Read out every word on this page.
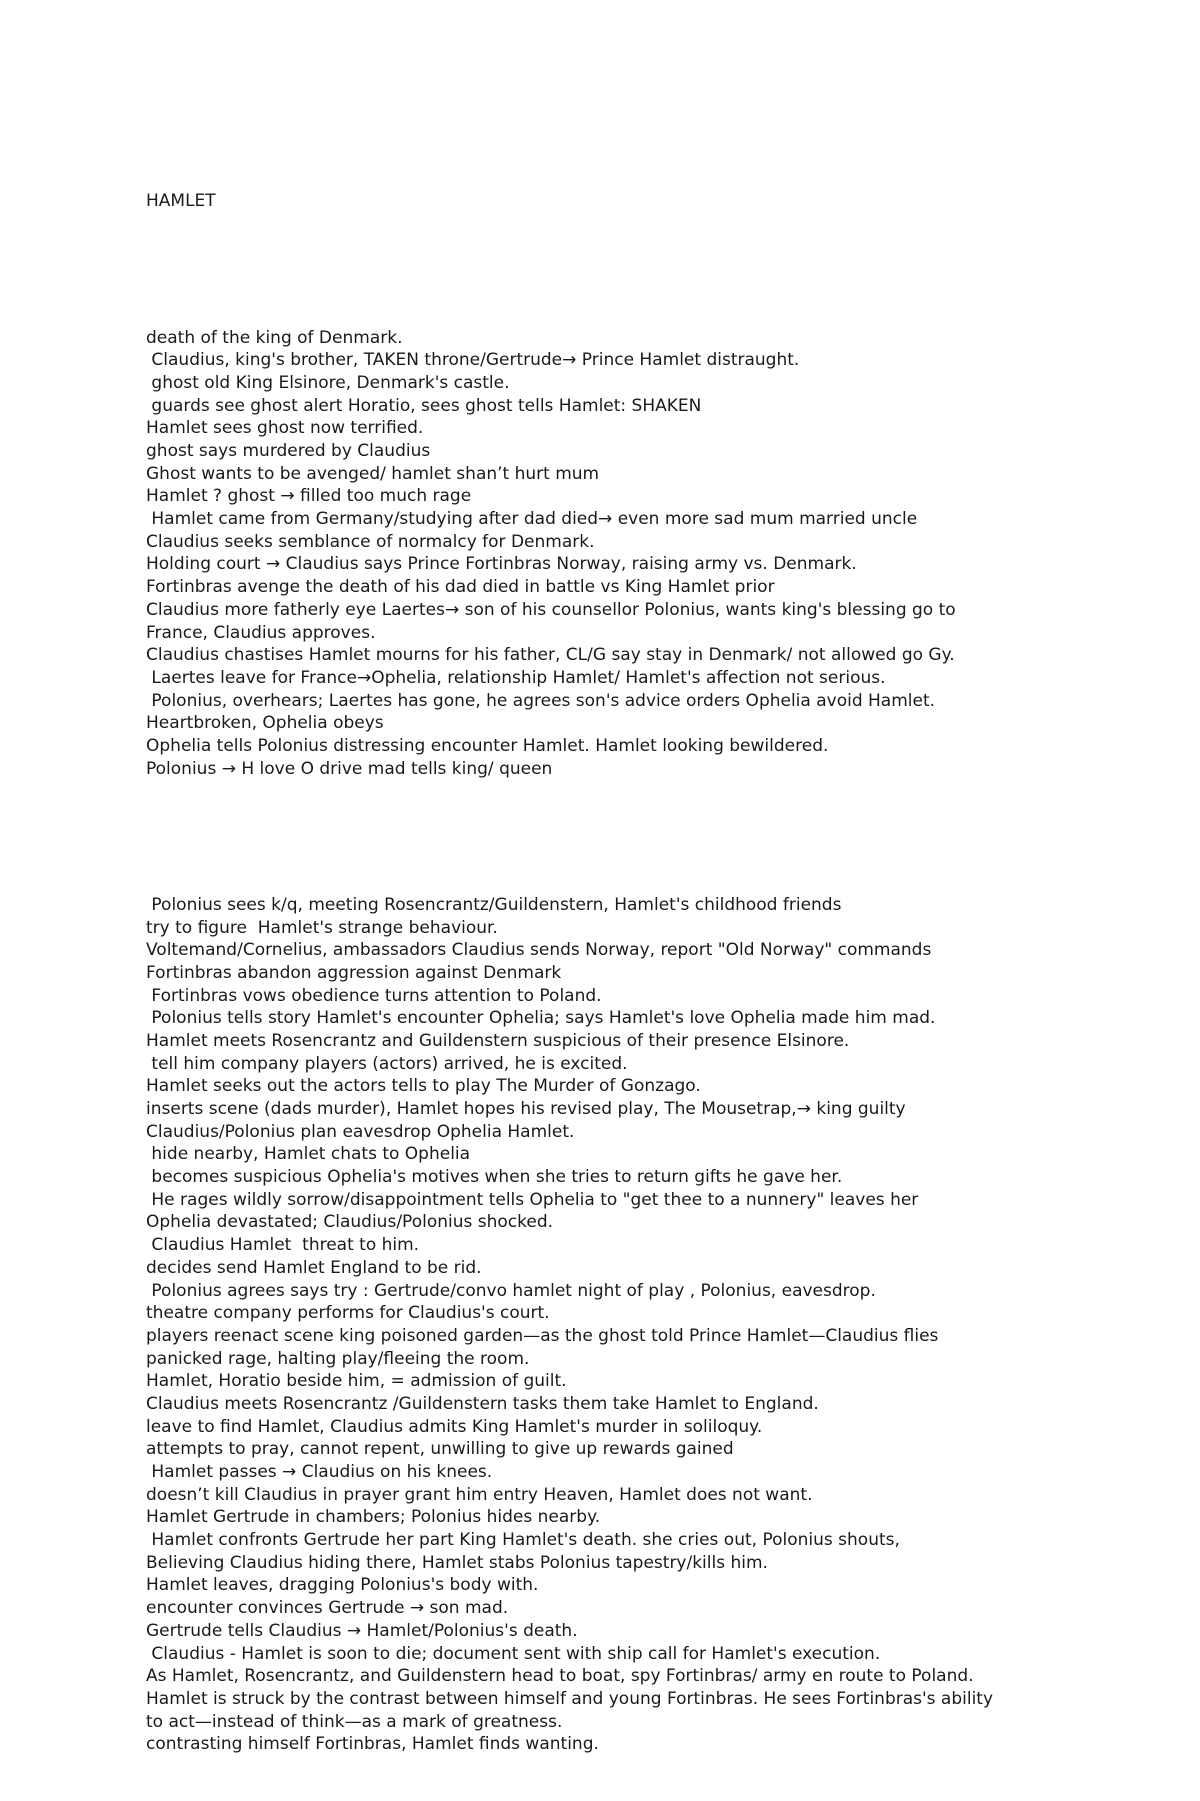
HAMLET

death of the king of Denmark.
Claudius, king's brother, TAKEN throne/Gertrude→ Prince Hamlet distraught.
ghost old King Elsinore, Denmark's castle.
guards see ghost alert Horatio, sees ghost tells Hamlet: SHAKEN
Hamlet sees ghost now terrified.
ghost says murdered by Claudius
Ghost wants to be avenged/ hamlet shan’t hurt mum
Hamlet ? ghost → filled too much rage
Hamlet came from Germany/studying after dad died→ even more sad mum married uncle
Claudius seeks semblance of normalcy for Denmark.
Holding court → Claudius says Prince Fortinbras Norway, raising army vs. Denmark.
Fortinbras avenge the death of his dad died in battle vs King Hamlet prior
Claudius more fatherly eye Laertes→ son of his counsellor Polonius, wants king's blessing go to
France, Claudius approves.
Claudius chastises Hamlet mourns for his father, CL/G say stay in Denmark/ not allowed go Gy.
Laertes leave for France→Ophelia, relationship Hamlet/ Hamlet's affection not serious.
Polonius, overhears; Laertes has gone, he agrees son's advice orders Ophelia avoid Hamlet.
Heartbroken, Ophelia obeys
Ophelia tells Polonius distressing encounter Hamlet. Hamlet looking bewildered.
Polonius → H love O drive mad tells king/ queen

Polonius sees k/q, meeting Rosencrantz/Guildenstern, Hamlet's childhood friends
try to figure  Hamlet's strange behaviour.
Voltemand/Cornelius, ambassadors Claudius sends Norway, report "Old Norway" commands
Fortinbras abandon aggression against Denmark
Fortinbras vows obedience turns attention to Poland.
Polonius tells story Hamlet's encounter Ophelia; says Hamlet's love Ophelia made him mad.
Hamlet meets Rosencrantz and Guildenstern suspicious of their presence Elsinore.
tell him company players (actors) arrived, he is excited.
Hamlet seeks out the actors tells to play The Murder of Gonzago.
inserts scene (dads murder), Hamlet hopes his revised play, The Mousetrap,→ king guilty
Claudius/Polonius plan eavesdrop Ophelia Hamlet.
hide nearby, Hamlet chats to Ophelia
becomes suspicious Ophelia's motives when she tries to return gifts he gave her.
He rages wildly sorrow/disappointment tells Ophelia to "get thee to a nunnery" leaves her
Ophelia devastated; Claudius/Polonius shocked.
Claudius Hamlet  threat to him.
decides send Hamlet England to be rid.
Polonius agrees says try : Gertrude/convo hamlet night of play , Polonius, eavesdrop.
theatre company performs for Claudius's court.
players reenact scene king poisoned garden—as the ghost told Prince Hamlet—Claudius flies
panicked rage, halting play/fleeing the room.
Hamlet, Horatio beside him, = admission of guilt.
Claudius meets Rosencrantz /Guildenstern tasks them take Hamlet to England.
leave to find Hamlet, Claudius admits King Hamlet's murder in soliloquy.
attempts to pray, cannot repent, unwilling to give up rewards gained
Hamlet passes → Claudius on his knees.
doesn’t kill Claudius in prayer grant him entry Heaven, Hamlet does not want.
Hamlet Gertrude in chambers; Polonius hides nearby.
Hamlet confronts Gertrude her part King Hamlet's death. she cries out, Polonius shouts,
Believing Claudius hiding there, Hamlet stabs Polonius tapestry/kills him.
Hamlet leaves, dragging Polonius's body with.
encounter convinces Gertrude → son mad.
Gertrude tells Claudius → Hamlet/Polonius's death.
Claudius - Hamlet is soon to die; document sent with ship call for Hamlet's execution.
As Hamlet, Rosencrantz, and Guildenstern head to boat, spy Fortinbras/ army en route to Poland.
Hamlet is struck by the contrast between himself and young Fortinbras. He sees Fortinbras's ability
to act—instead of think—as a mark of greatness.
contrasting himself Fortinbras, Hamlet finds wanting.
